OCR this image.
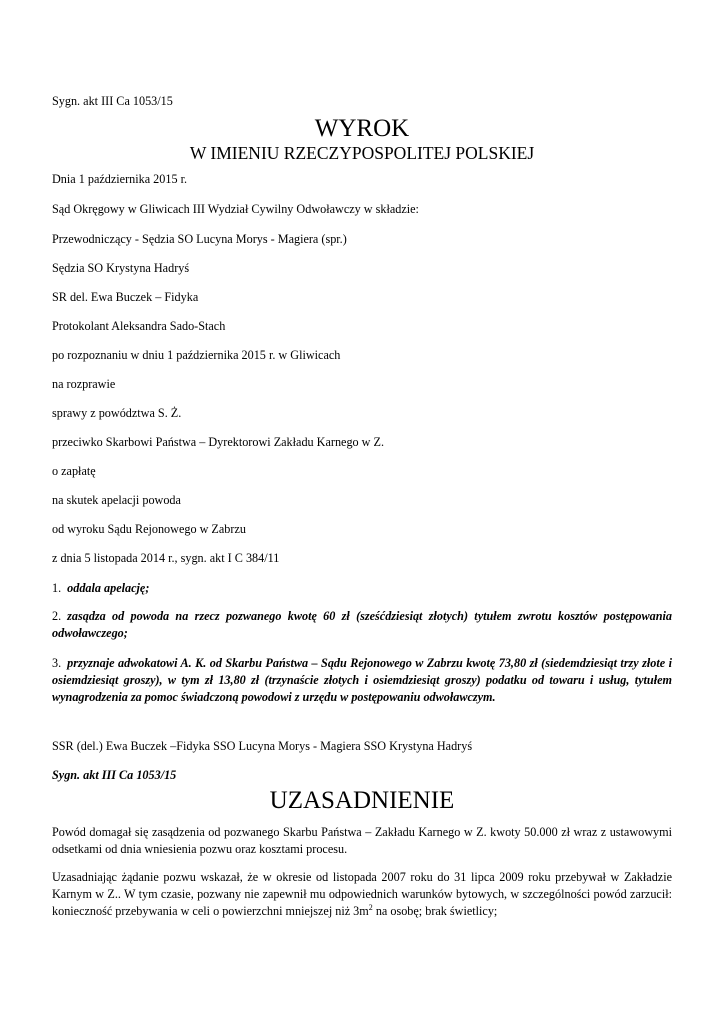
Sygn. akt III Ca 1053/15
WYROK
W IMIENIU RZECZYPOSPOLITEJ POLSKIEJ
Dnia 1 października 2015 r.
Sąd Okręgowy w Gliwicach III Wydział Cywilny Odwoławczy w składzie:
Przewodniczący - Sędzia SO Lucyna Morys - Magiera (spr.)
Sędzia SO Krystyna Hadryś
SR del. Ewa Buczek – Fidyka
Protokolant Aleksandra Sado-Stach
po rozpoznaniu w dniu 1 października 2015 r. w Gliwicach
na rozprawie
sprawy z powództwa S. Ż.
przeciwko Skarbowi Państwa – Dyrektorowi Zakładu Karnego w Z.
o zapłatę
na skutek apelacji powoda
od wyroku Sądu Rejonowego w Zabrzu
z dnia 5 listopada 2014 r., sygn. akt I C 384/11
1. oddala apelację;
2. zasądza od powoda na rzecz pozwanego kwotę 60 zł (sześćdziesiąt złotych) tytułem zwrotu kosztów postępowania odwoławczego;
3. przyznaje adwokatowi A. K. od Skarbu Państwa – Sądu Rejonowego w Zabrzu kwotę 73,80 zł (siedemdziesiąt trzy złote i osiemdziesiąt groszy), w tym zł 13,80 zł (trzynaście złotych i osiemdziesiąt groszy) podatku od towaru i usług, tytułem wynagrodzenia za pomoc świadczoną powodowi z urzędu w postępowaniu odwoławczym.
SSR (del.) Ewa Buczek –Fidyka SSO Lucyna Morys - Magiera SSO Krystyna Hadryś
Sygn. akt III Ca 1053/15
UZASADNIENIE
Powód domagał się zasądzenia od pozwanego Skarbu Państwa – Zakładu Karnego w Z. kwoty 50.000 zł wraz z ustawowymi odsetkami od dnia wniesienia pozwu oraz kosztami procesu.
Uzasadniając żądanie pozwu wskazał, że w okresie od listopada 2007 roku do 31 lipca 2009 roku przebywał w Zakładzie Karnym w Z.. W tym czasie, pozwany nie zapewnił mu odpowiednich warunków bytowych, w szczególności powód zarzucił: konieczność przebywania w celi o powierzchni mniejszej niż $3m^2$ na osobę; brak świetlicy;
